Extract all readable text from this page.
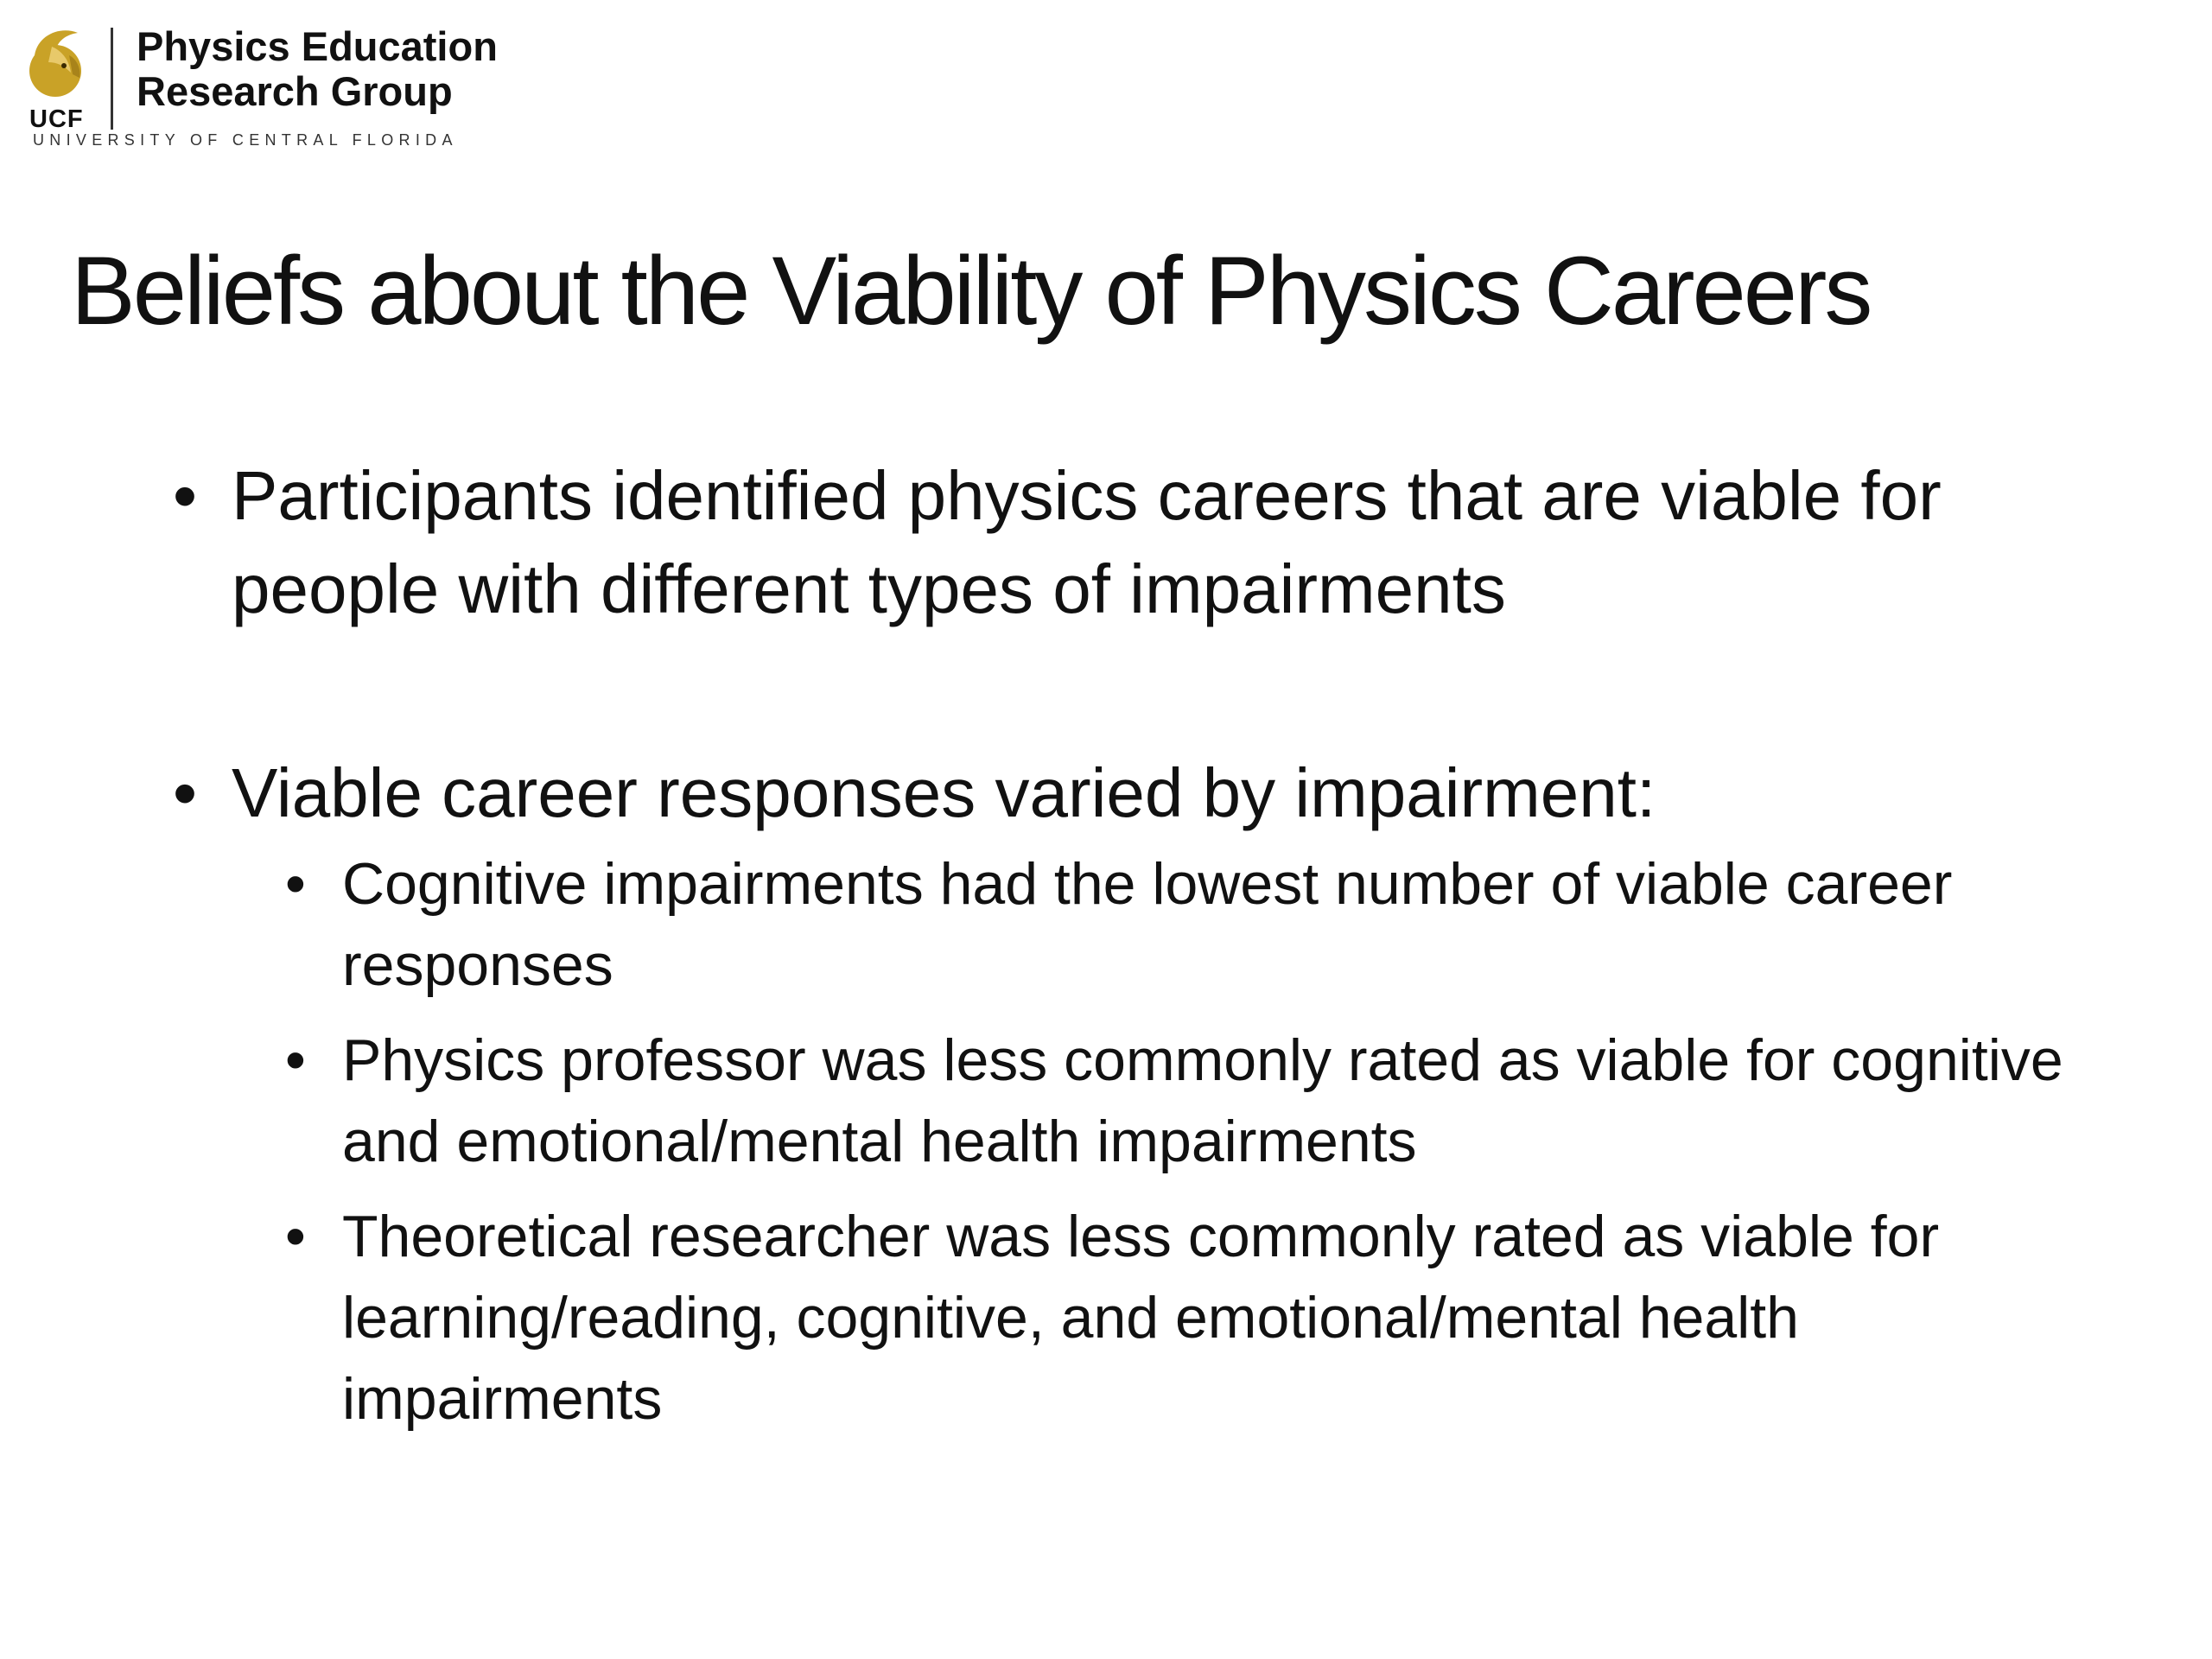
UCF
Physics Education
Research Group
UNIVERSITY OF CENTRAL FLORIDA
Beliefs about the Viability of Physics Careers
• Participants identified physics careers that are viable for people with different types of impairments
• Viable career responses varied by impairment:
• Cognitive impairments had the lowest number of viable career responses
• Physics professor was less commonly rated as viable for cognitive and emotional/mental health impairments
• Theoretical researcher was less commonly rated as viable for learning/reading, cognitive, and emotional/mental health impairments
